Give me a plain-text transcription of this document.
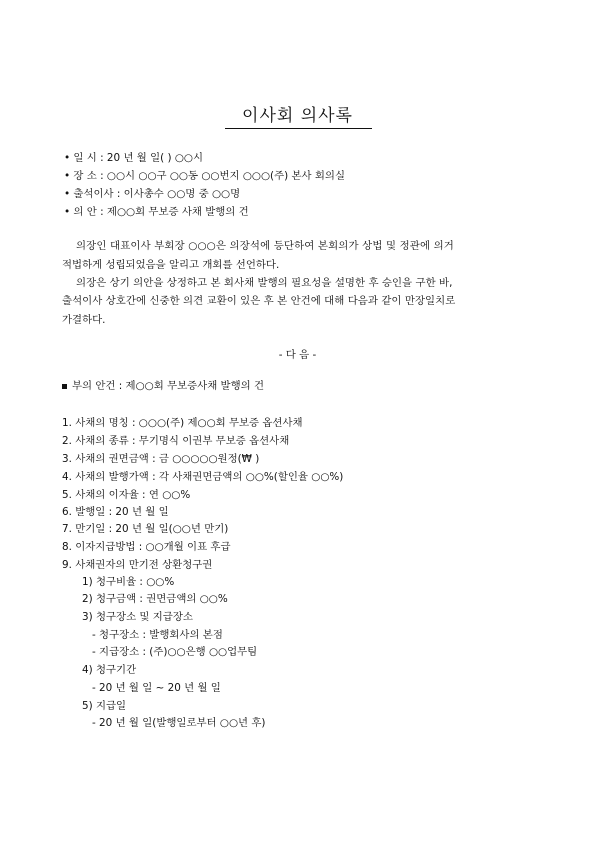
이사회 의사록
• 일 시 : 20 년 월 일( ) ○○시
• 장 소 : ○○시 ○○구 ○○동 ○○번지 ○○○(주) 본사 회의실
• 출석이사 : 이사총수 ○○명 중 ○○명
• 의 안 : 제○○회 무보증 사채 발행의 건
의장인 대표이사 부회장 ○○○은 의장석에 등단하여 본회의가 상법 및 정관에 의거
적법하게 성립되었음을 알리고 개회를 선언하다.
의장은 상기 의안을 상정하고 본 회사채 발행의 필요성을 설명한 후 승인을 구한 바,
출석이사 상호간에 신중한 의견 교환이 있은 후 본 안건에 대해 다음과 같이 만장일치로
가결하다.
- 다 음 -
부의 안건 : 제○○회 무보증사채 발행의 건
1. 사채의 명칭 : ○○○(주) 제○○회 무보증 옵션사채
2. 사채의 종류 : 무기명식 이권부 무보증 옵션사채
3. 사채의 권면금액 : 금 ○○○○○원정(₩ )
4. 사채의 발행가액 : 각 사채권면금액의 ○○%(할인율 ○○%)
5. 사채의 이자율 : 연 ○○%
6. 발행일 : 20 년 월 일
7. 만기일 : 20 년 월 일(○○년 만기)
8. 이자지급방법 : ○○개월 이표 후급
9. 사채권자의 만기전 상환청구권
1) 청구비율 : ○○%
2) 청구금액 : 권면금액의 ○○%
3) 청구장소 및 지급장소
- 청구장소 : 발행회사의 본점
- 지급장소 : (주)○○은행 ○○업무팀
4) 청구기간
- 20 년 월 일 ~ 20 년 월 일
5) 지급일
- 20 년 월 일(발행일로부터 ○○년 후)
